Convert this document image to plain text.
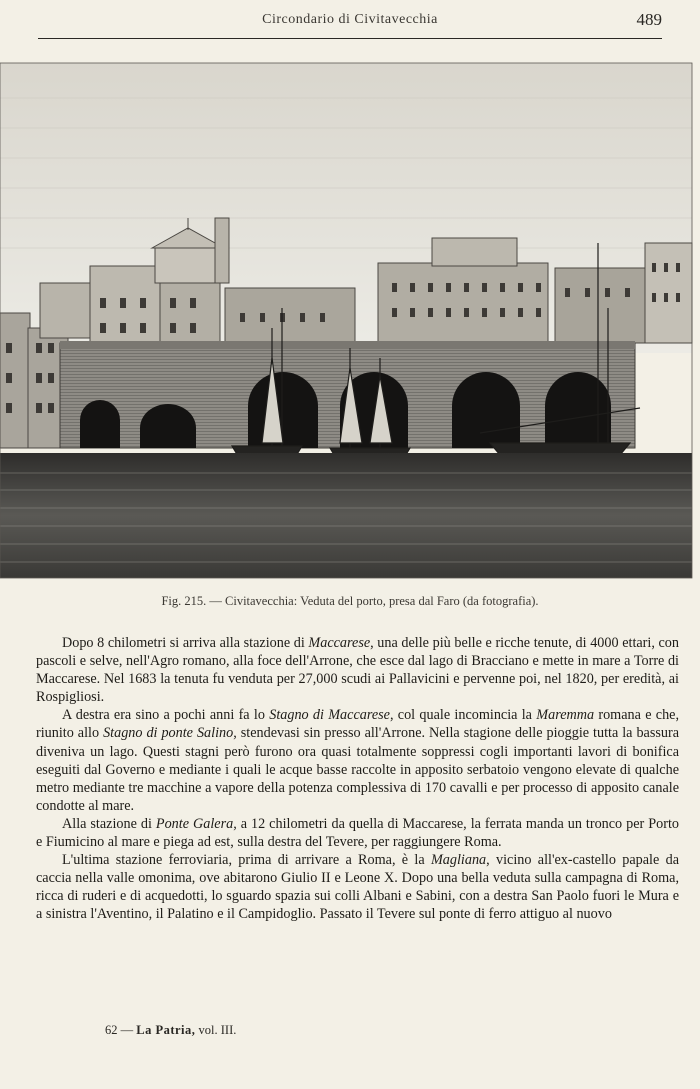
Circondario di Civitavecchia	489
Fig. 215. — Civitavecchia: Veduta del porto, presa dal Faro (da fotografia).

Dopo 8 chilometri si arriva alla stazione di Maccarese, una delle più belle e ricche tenute, di 4000 ettari, con pascoli e selve, nell'Agro romano, alla foce dell'Arrone, che esce dal lago di Bracciano e mette in mare a Torre di Maccarese. Nel 1683 la tenuta fu venduta per 27,000 scudi ai Pallavicini e pervenne poi, nel 1820, per eredità, ai Rospigliosi.

A destra era sino a pochi anni fa lo Stagno di Maccarese, col quale incomincia la Maremma romana e che, riunito allo Stagno di ponte Salino, stendevasi sin presso all'Arrone. Nella stagione delle pioggie tutta la bassura diveniva un lago. Questi stagni però furono ora quasi totalmente soppressi cogli importanti lavori di bonifica eseguiti dal Governo e mediante i quali le acque basse raccolte in apposito serbatoio vengono elevate di qualche metro mediante tre macchine a vapore della potenza complessiva di 170 cavalli e per processo di apposito canale condotte al mare.

Alla stazione di Ponte Galera, a 12 chilometri da quella di Maccarese, la ferrata manda un tronco per Porto e Fiumicino al mare e piega ad est, sulla destra del Tevere, per raggiungere Roma.

L'ultima stazione ferroviaria, prima di arrivare a Roma, è la Magliana, vicino all'ex-castello papale da caccia nella valle omonima, ove abitarono Giulio II e Leone X. Dopo una bella veduta sulla campagna di Roma, ricca di ruderi e di acquedotti, lo sguardo spazia sui colli Albani e Sabini, con a destra San Paolo fuori le Mura e a sinistra l'Aventino, il Palatino e il Campidoglio. Passato il Tevere sul ponte di ferro attiguo al nuovo

62 — La Patria, vol. III.
